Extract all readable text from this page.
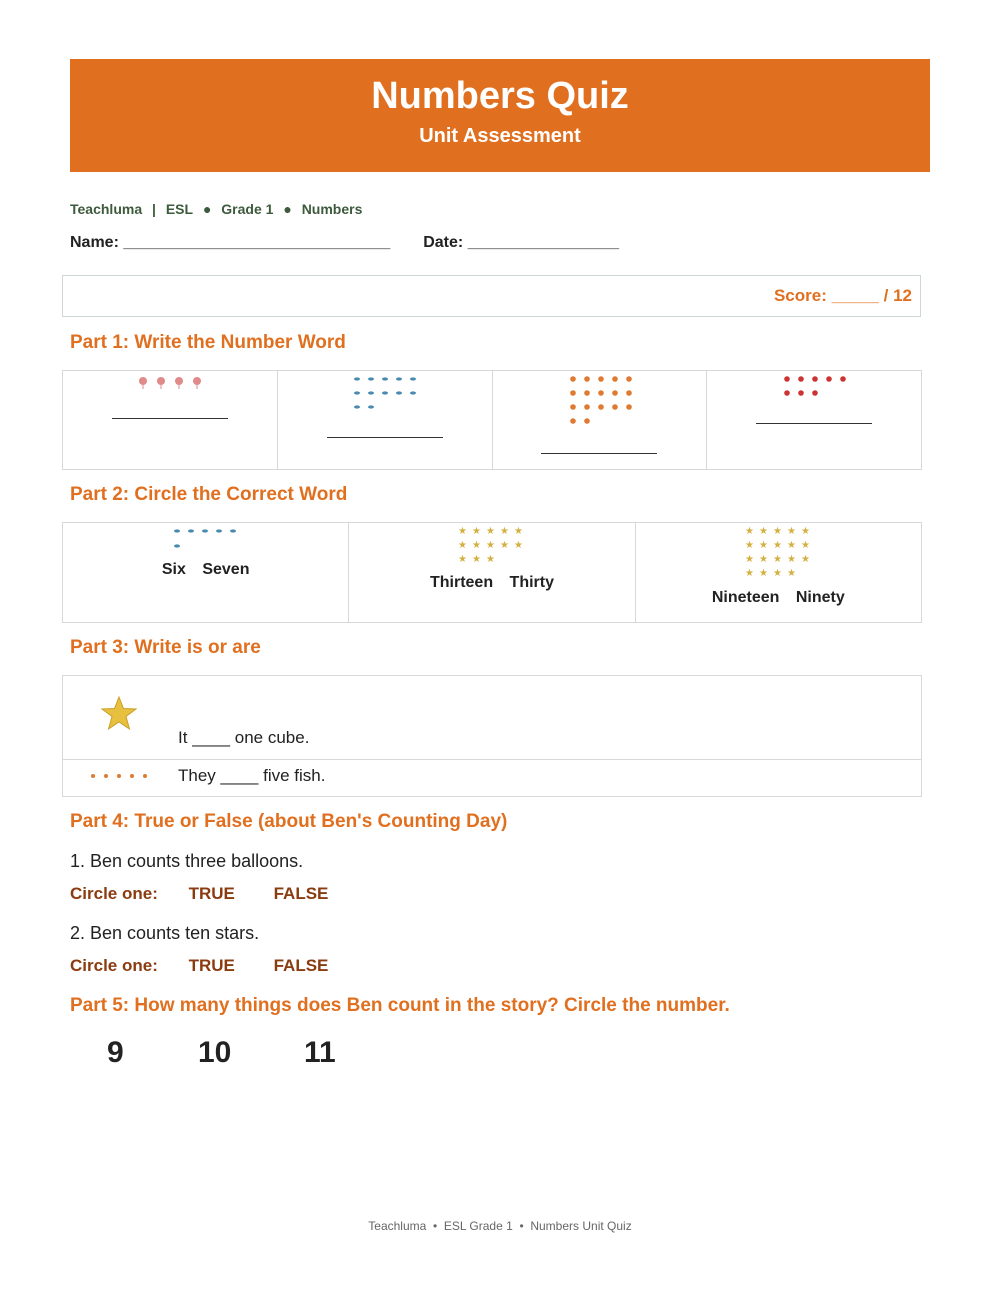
Numbers Quiz
Unit Assessment
Teachluma | ESL ● Grade 1 ● Numbers
Name: ______________________________ Date: _________________
Score: _____ / 12
Part 1: Write the Number Word
Part 2: Circle the Correct Word
Six Seven
★ ★ ★ ★ ★
★ ★ ★ ★ ★
★ ★ ★
Thirteen Thirty
★ ★ ★ ★ ★
★ ★ ★ ★ ★
★ ★ ★ ★ ★
★ ★ ★ ★
Nineteen Ninety
Part 3: Write is or are
It ____ one cube.
They ____ five fish.
Part 4: True or False (about Ben's Counting Day)
1. Ben counts three balloons.
Circle one: TRUE FALSE
2. Ben counts ten stars.
Circle one: TRUE FALSE
Part 5: How many things does Ben count in the story? Circle the number.
9 10 11
Teachluma • ESL Grade 1 • Numbers Unit Quiz
